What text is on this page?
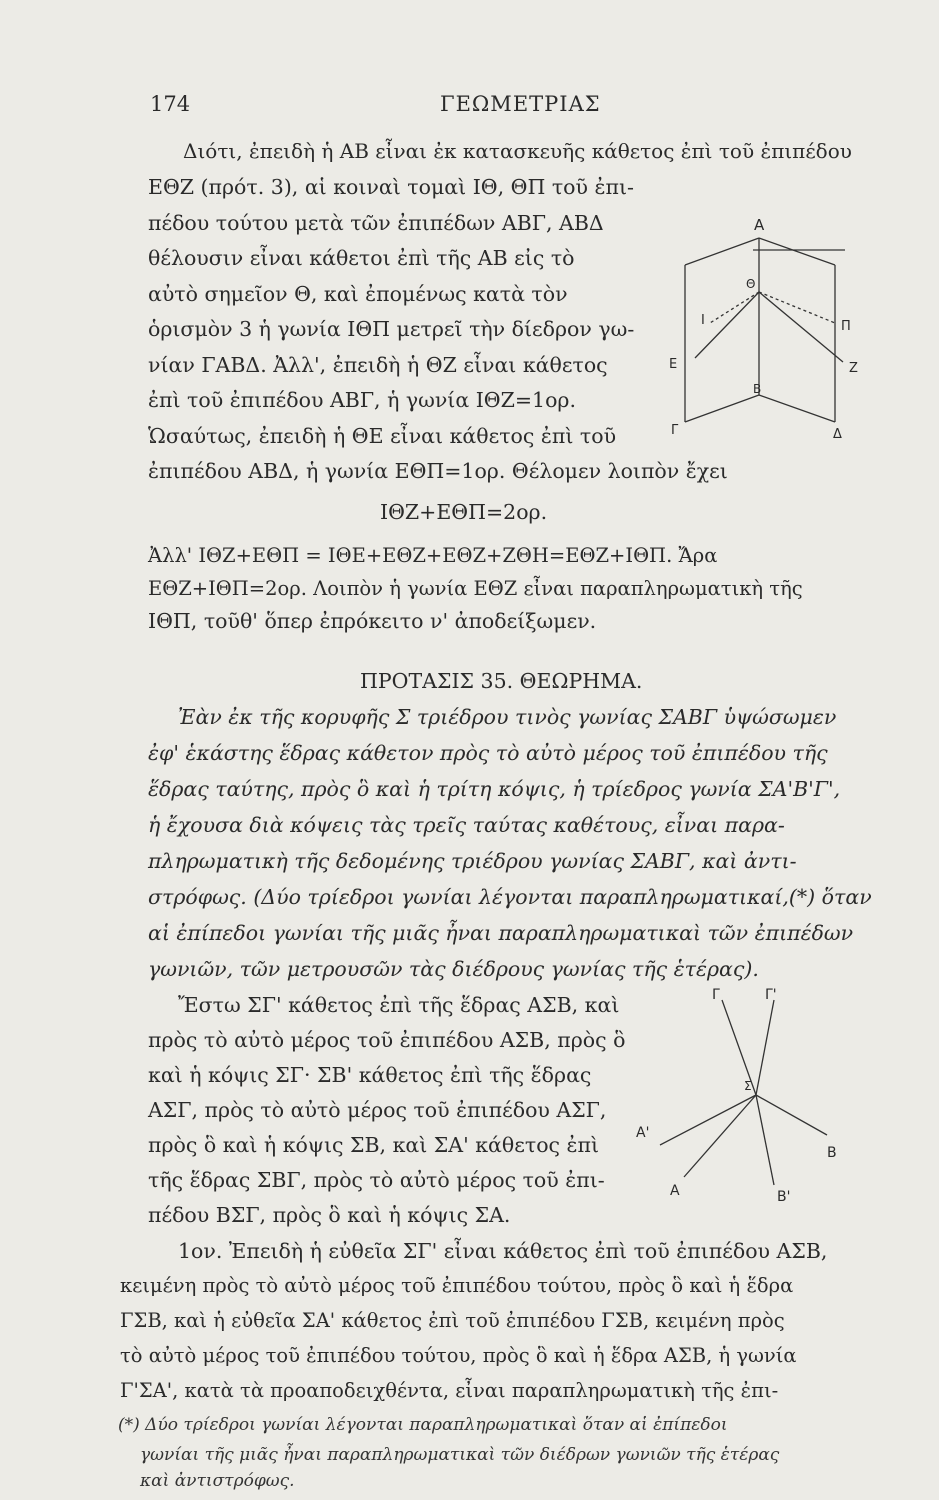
174	ΓΕΩΜΕΤΡΙΑΣ
Διότι, ἐπειδὴ ἡ ΑΒ εἶναι ἐκ κατασκευῆς κάθετος ἐπὶ τοῦ ἐπιπέδου
ΕΘΖ (πρότ. 3), αἱ κοιναὶ τομαὶ ΙΘ, ΘΠ τοῦ ἐπι-
πέδου τούτου μετὰ τῶν ἐπιπέδων ΑΒΓ, ΑΒΔ
θέλουσιν εἶναι κάθετοι ἐπὶ τῆς ΑΒ εἰς τὸ
αὐτὸ σημεῖον Θ, καὶ ἐπομένως κατὰ τὸν
ὁρισμὸν 3 ἡ γωνία ΙΘΠ μετρεῖ τὴν δίεδρον γω-
νίαν ΓΑΒΔ. Ἀλλ', ἐπειδὴ ἡ ΘΖ εἶναι κάθετος
ἐπὶ τοῦ ἐπιπέδου ΑΒΓ, ἡ γωνία ΙΘΖ=1ορ.
Ὡσαύτως, ἐπειδὴ ἡ ΘΕ εἶναι κάθετος ἐπὶ τοῦ
ἐπιπέδου ΑΒΔ, ἡ γωνία ΕΘΠ=1ορ. Θέλομεν λοιπὸν ἔχει
ΙΘΖ+ΕΘΠ=2ορ.
Ἀλλ' ΙΘΖ+ΕΘΠ = ΙΘΕ+ΕΘΖ+ΕΘΖ+ΖΘΗ=ΕΘΖ+ΙΘΠ. Ἄρα
ΕΘΖ+ΙΘΠ=2ορ. Λοιπὸν ἡ γωνία ΕΘΖ εἶναι παραπληρωματικὴ τῆς
ΙΘΠ, τοῦθ' ὅπερ ἐπρόκειτο ν' ἀποδείξωμεν.
ΠΡΟΤΑΣΙΣ 35. ΘΕΩΡΗΜΑ.
Ἐὰν ἐκ τῆς κορυφῆς Σ τριέδρου τινὸς γωνίας ΣΑΒΓ ὑψώσωμεν
ἐφ' ἑκάστης ἕδρας κάθετον πρὸς τὸ αὐτὸ μέρος τοῦ ἐπιπέδου τῆς
ἕδρας ταύτης, πρὸς ὃ καὶ ἡ τρίτη κόψις, ἡ τρίεδρος γωνία ΣΑ'Β'Γ',
ἡ ἔχουσα διὰ κόψεις τὰς τρεῖς ταύτας καθέτους, εἶναι παρα-
πληρωματικὴ τῆς δεδομένης τριέδρου γωνίας ΣΑΒΓ, καὶ ἀντι-
στρόφως. (Δύο τρίεδροι γωνίαι λέγονται παραπληρωματικαί,(*) ὅταν
αἱ ἐπίπεδοι γωνίαι τῆς μιᾶς ἦναι παραπληρωματικαὶ τῶν ἐπιπέδων
γωνιῶν, τῶν μετρουσῶν τὰς διέδρους γωνίας τῆς ἑτέρας).
Ἔστω ΣΓ' κάθετος ἐπὶ τῆς ἕδρας ΑΣΒ, καὶ
πρὸς τὸ αὐτὸ μέρος τοῦ ἐπιπέδου ΑΣΒ, πρὸς ὃ
καὶ ἡ κόψις ΣΓ· ΣΒ' κάθετος ἐπὶ τῆς ἕδρας
ΑΣΓ, πρὸς τὸ αὐτὸ μέρος τοῦ ἐπιπέδου ΑΣΓ,
πρὸς ὃ καὶ ἡ κόψις ΣΒ, καὶ ΣΑ' κάθετος ἐπὶ
τῆς ἕδρας ΣΒΓ, πρὸς τὸ αὐτὸ μέρος τοῦ ἐπι-
πέδου ΒΣΓ, πρὸς ὃ καὶ ἡ κόψις ΣΑ.
1ον. Ἐπειδὴ ἡ εὐθεῖα ΣΓ' εἶναι κάθετος ἐπὶ τοῦ ἐπιπέδου ΑΣΒ,
κειμένη πρὸς τὸ αὐτὸ μέρος τοῦ ἐπιπέδου τούτου, πρὸς ὃ καὶ ἡ ἕδρα
ΓΣΒ, καὶ ἡ εὐθεῖα ΣΑ' κάθετος ἐπὶ τοῦ ἐπιπέδου ΓΣΒ, κειμένη πρὸς
τὸ αὐτὸ μέρος τοῦ ἐπιπέδου τούτου, πρὸς ὃ καὶ ἡ ἕδρα ΑΣΒ, ἡ γωνία
Γ'ΣΑ', κατὰ τὰ προαποδειχθέντα, εἶναι παραπληρωματικὴ τῆς ἐπι-
(*) Δύο τρίεδροι γωνίαι λέγονται παραπληρωματικαὶ ὅταν αἱ ἐπίπεδοι
γωνίαι τῆς μιᾶς ἦναι παραπληρωματικαὶ τῶν διέδρων γωνιῶν τῆς ἑτέρας
καὶ ἀντιστρόφως.
Α
Θ
Ι	Π
Ε	Ζ
Β
Γ	Δ
Γ	Γ'
Σ
Α'
Β
Α	Β'
